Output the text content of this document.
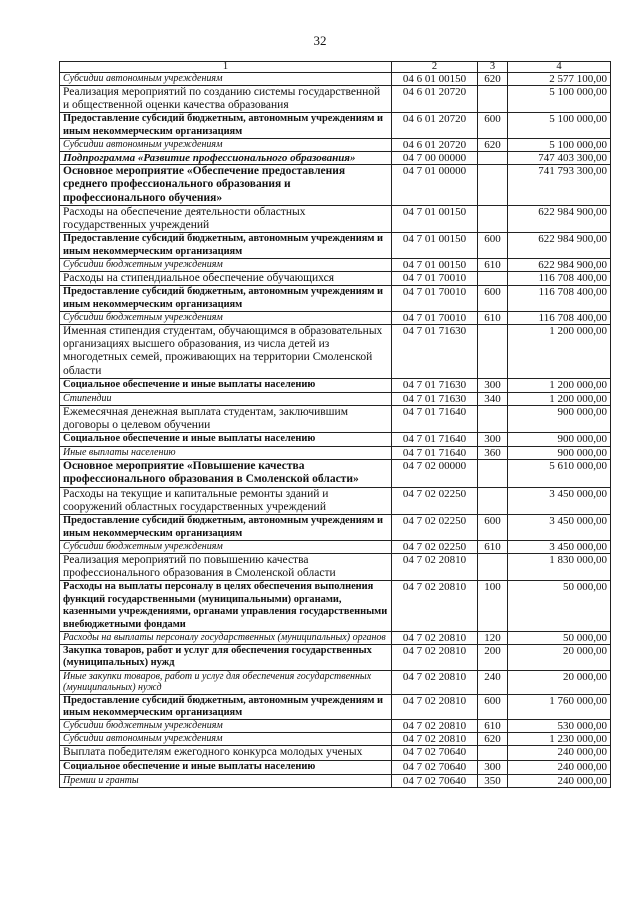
32
1	2	3	4
Субсидии автономным учреждениям	04 6 01 00150	620	2 577 100,00
Реализация мероприятий по созданию системы государственной и общественной оценки качества образования	04 6 01 20720		5 100 000,00
Предоставление субсидий бюджетным, автономным учреждениям и иным некоммерческим организациям	04 6 01 20720	600	5 100 000,00
Субсидии автономным учреждениям	04 6 01 20720	620	5 100 000,00
Подпрограмма «Развитие профессионального образования»	04 7 00 00000		747 403 300,00
Основное мероприятие «Обеспечение предоставления среднего профессионального образования и профессионального обучения»	04 7 01 00000		741 793 300,00
Расходы на обеспечение деятельности областных государственных учреждений	04 7 01 00150		622 984 900,00
Предоставление субсидий бюджетным, автономным учреждениям и иным некоммерческим организациям	04 7 01 00150	600	622 984 900,00
Субсидии бюджетным учреждениям	04 7 01 00150	610	622 984 900,00
Расходы на стипендиальное обеспечение обучающихся	04 7 01 70010		116 708 400,00
Предоставление субсидий бюджетным, автономным учреждениям и иным некоммерческим организациям	04 7 01 70010	600	116 708 400,00
Субсидии бюджетным учреждениям	04 7 01 70010	610	116 708 400,00
Именная стипендия студентам, обучающимся в образовательных организациях высшего образования, из числа детей из многодетных семей, проживающих на территории Смоленской области	04 7 01 71630		1 200 000,00
Социальное обеспечение и иные выплаты населению	04 7 01 71630	300	1 200 000,00
Стипендии	04 7 01 71630	340	1 200 000,00
Ежемесячная денежная выплата студентам, заключившим договоры о целевом обучении	04 7 01 71640		900 000,00
Социальное обеспечение и иные выплаты населению	04 7 01 71640	300	900 000,00
Иные выплаты населению	04 7 01 71640	360	900 000,00
Основное мероприятие «Повышение качества профессионального образования в Смоленской области»	04 7 02 00000		5 610 000,00
Расходы на текущие и капитальные ремонты зданий и сооружений областных государственных учреждений	04 7 02 02250		3 450 000,00
Предоставление субсидий бюджетным, автономным учреждениям и иным некоммерческим организациям	04 7 02 02250	600	3 450 000,00
Субсидии бюджетным учреждениям	04 7 02 02250	610	3 450 000,00
Реализация мероприятий по повышению качества профессионального образования в Смоленской области	04 7 02 20810		1 830 000,00
Расходы на выплаты персоналу в целях обеспечения выполнения функций государственными (муниципальными) органами, казенными учреждениями, органами управления государственными внебюджетными фондами	04 7 02 20810	100	50 000,00
Расходы на выплаты персоналу государственных (муниципальных) органов	04 7 02 20810	120	50 000,00
Закупка товаров, работ и услуг для обеспечения государственных (муниципальных) нужд	04 7 02 20810	200	20 000,00
Иные закупки товаров, работ и услуг для обеспечения государственных (муниципальных) нужд	04 7 02 20810	240	20 000,00
Предоставление субсидий бюджетным, автономным учреждениям и иным некоммерческим организациям	04 7 02 20810	600	1 760 000,00
Субсидии бюджетным учреждениям	04 7 02 20810	610	530 000,00
Субсидии автономным учреждениям	04 7 02 20810	620	1 230 000,00
Выплата победителям ежегодного конкурса молодых ученых	04 7 02 70640		240 000,00
Социальное обеспечение и иные выплаты населению	04 7 02 70640	300	240 000,00
Премии и гранты	04 7 02 70640	350	240 000,00
